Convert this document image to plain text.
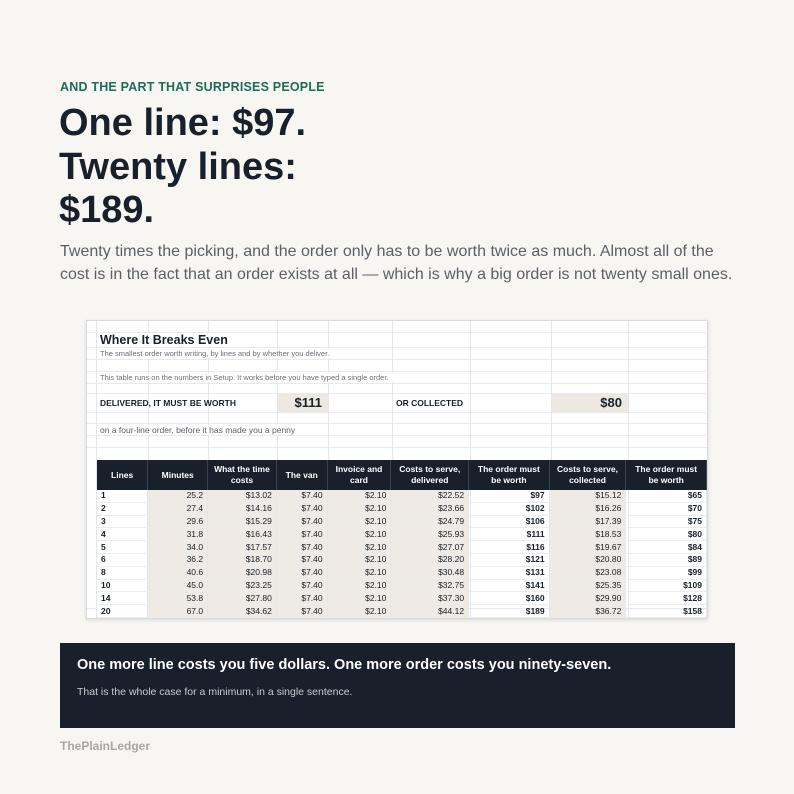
AND THE PART THAT SURPRISES PEOPLE
One line: $97.
Twenty lines:
$189.
Twenty times the picking, and the order only has to be worth twice as much. Almost all of the cost is in the fact that an order exists at all — which is why a big order is not twenty small ones.
Where It Breaks Even
The smallest order worth writing, by lines and by whether you deliver.
This table runs on the numbers in Setup. It works before you have typed a single order.
DELIVERED, IT MUST BE WORTH	$111	OR COLLECTED	$80
on a four-line order, before it has made you a penny
Lines	Minutes	What the time costs	The van	Invoice and card	Costs to serve, delivered	The order must be worth	Costs to serve, collected	The order must be worth
1	25.2	$13.02	$7.40	$2.10	$22.52	$97	$15.12	$65
2	27.4	$14.16	$7.40	$2.10	$23.66	$102	$16.26	$70
3	29.6	$15.29	$7.40	$2.10	$24.79	$106	$17.39	$75
4	31.8	$16.43	$7.40	$2.10	$25.93	$111	$18.53	$80
5	34.0	$17.57	$7.40	$2.10	$27.07	$116	$19.67	$84
6	36.2	$18.70	$7.40	$2.10	$28.20	$121	$20.80	$89
8	40.6	$20.98	$7.40	$2.10	$30.48	$131	$23.08	$99
10	45.0	$23.25	$7.40	$2.10	$32.75	$141	$25.35	$109
14	53.8	$27.80	$7.40	$2.10	$37.30	$160	$29.90	$128
20	67.0	$34.62	$7.40	$2.10	$44.12	$189	$36.72	$158
One more line costs you five dollars. One more order costs you ninety-seven.
That is the whole case for a minimum, in a single sentence.
ThePlainLedger
